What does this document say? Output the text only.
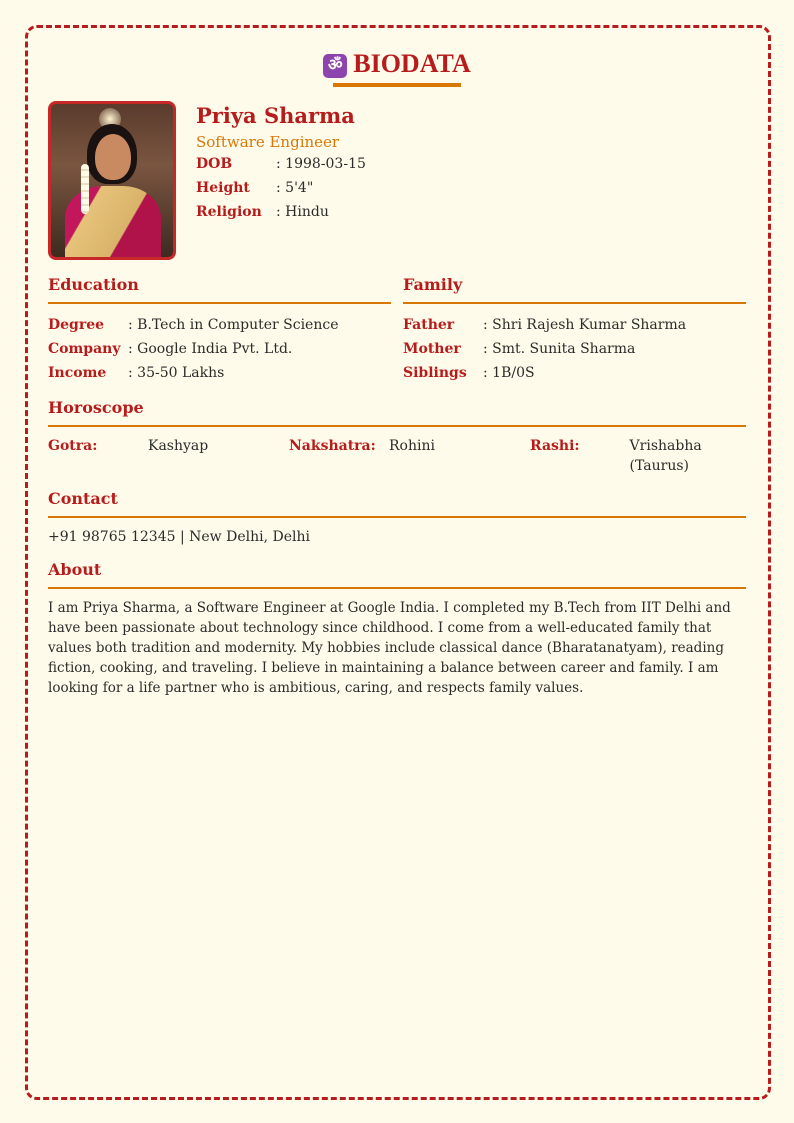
ॐ BIODATA
Priya Sharma
Software Engineer
DOB	: 1998-03-15
Height	: 5'4"
Religion	: Hindu
Education
Degree	: B.Tech in Computer Science
Company : Google India Pvt. Ltd.
Income	: 35-50 Lakhs
Family
Father	: Shri Rajesh Kumar Sharma
Mother	: Smt. Sunita Sharma
Siblings	: 1B/0S
Horoscope
Gotra:	Kashyap	Nakshatra: Rohini	Rashi:	Vrishabha (Taurus)
Contact
+91 98765 12345 | New Delhi, Delhi
About
I am Priya Sharma, a Software Engineer at Google India. I completed my B.Tech from IIT Delhi and have been passionate about technology since childhood. I come from a well-educated family that values both tradition and modernity. My hobbies include classical dance (Bharatanatyam), reading fiction, cooking, and traveling. I believe in maintaining a balance between career and family. I am looking for a life partner who is ambitious, caring, and respects family values.
